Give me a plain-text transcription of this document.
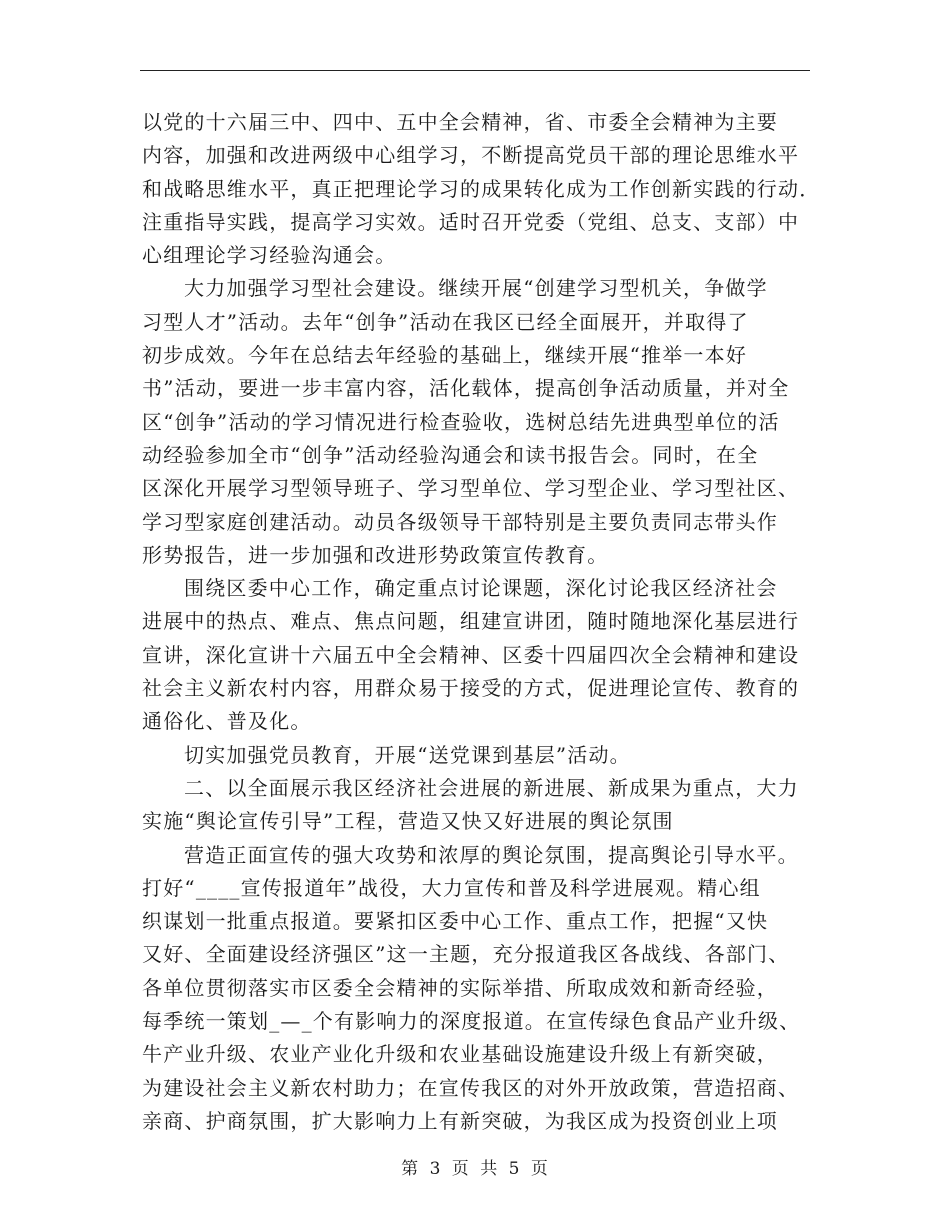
以党的十六届三中、四中、五中全会精神，省、市委全会精神为主要
内容，加强和改进两级中心组学习，不断提高党员干部的理论思维水平
和战略思维水平，真正把理论学习的成果转化成为工作创新实践的行动．
注重指导实践，提高学习实效。适时召开党委（党组、总支、支部）中
心组理论学习经验沟通会。
大力加强学习型社会建设。继续开展“创建学习型机关，争做学
习型人才”活动。去年“创争”活动在我区已经全面展开，并取得了
初步成效。今年在总结去年经验的基础上，继续开展“推举一本好
书”活动，要进一步丰富内容，活化载体，提高创争活动质量，并对全
区“创争”活动的学习情况进行检查验收，选树总结先进典型单位的活
动经验参加全市“创争”活动经验沟通会和读书报告会。同时，在全
区深化开展学习型领导班子、学习型单位、学习型企业、学习型社区、
学习型家庭创建活动。动员各级领导干部特别是主要负责同志带头作
形势报告，进一步加强和改进形势政策宣传教育。
围绕区委中心工作，确定重点讨论课题，深化讨论我区经济社会
进展中的热点、难点、焦点问题，组建宣讲团，随时随地深化基层进行
宣讲，深化宣讲十六届五中全会精神、区委十四届四次全会精神和建设
社会主义新农村内容，用群众易于接受的方式，促进理论宣传、教育的
通俗化、普及化。
切实加强党员教育，开展“送党课到基层”活动。
二、以全面展示我区经济社会进展的新进展、新成果为重点，大力
实施“舆论宣传引导”工程，营造又快又好进展的舆论氛围
营造正面宣传的强大攻势和浓厚的舆论氛围，提高舆论引导水平。
打好“____宣传报道年”战役，大力宣传和普及科学进展观。精心组
织谋划一批重点报道。要紧扣区委中心工作、重点工作，把握“又快
又好、全面建设经济强区”这一主题，充分报道我区各战线、各部门、
各单位贯彻落实市区委全会精神的实际举措、所取成效和新奇经验，
每季统一策划_—_个有影响力的深度报道。在宣传绿色食品产业升级、
牛产业升级、农业产业化升级和农业基础设施建设升级上有新突破，
为建设社会主义新农村助力；在宣传我区的对外开放政策，营造招商、
亲商、护商氛围，扩大影响力上有新突破，为我区成为投资创业上项
第 3 页 共 5 页
